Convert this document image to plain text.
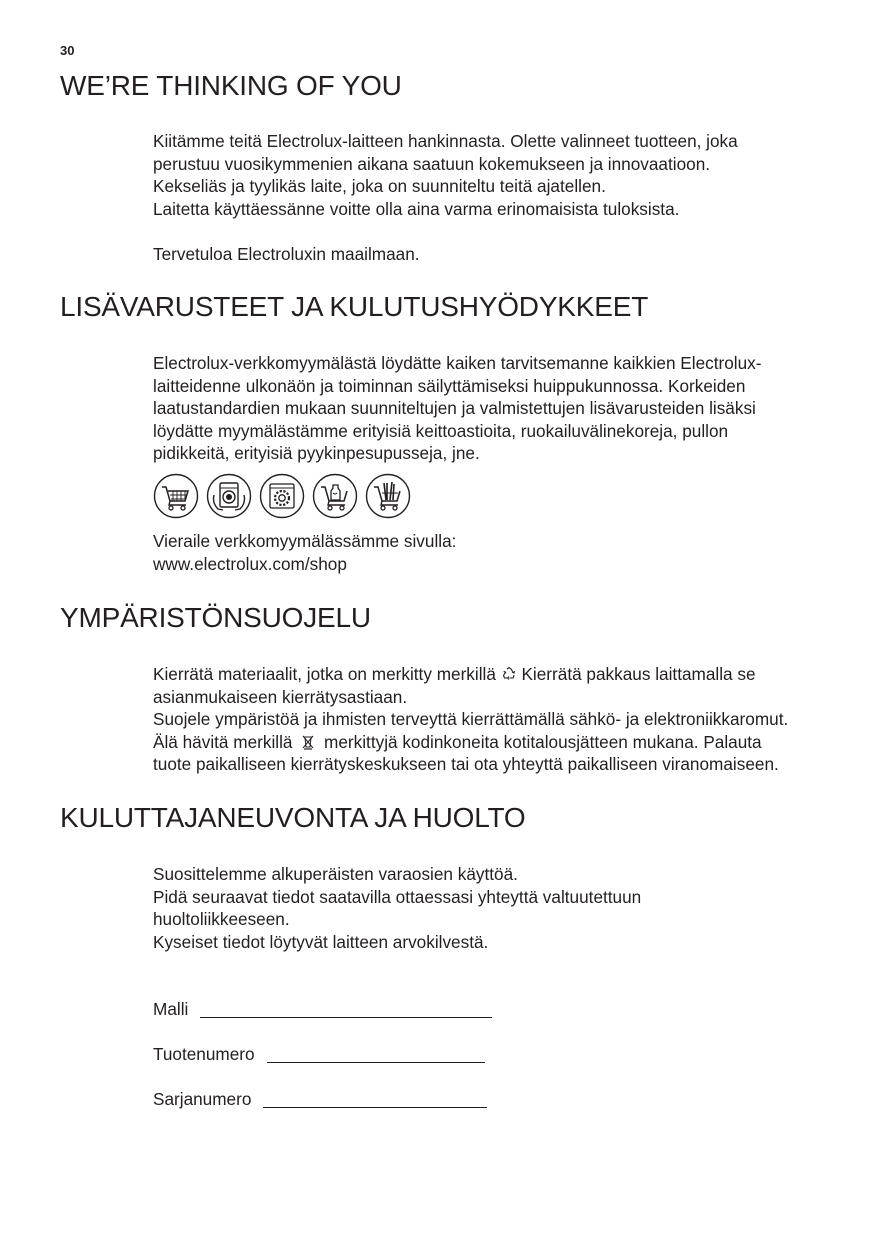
30
WE’RE THINKING OF YOU

Kiitämme teitä Electrolux-laitteen hankinnasta. Olette valinneet tuotteen, joka
perustuu vuosikymmenien aikana saatuun kokemukseen ja innovaatioon.
Kekseliäs ja tyylikäs laite, joka on suunniteltu teitä ajatellen.
Laitetta käyttäessänne voitte olla aina varma erinomaisista tuloksista.

Tervetuloa Electroluxin maailmaan.

LISÄVARUSTEET JA KULUTUSHYÖDYKKEET

Electrolux-verkkomyymälästä löydätte kaiken tarvitsemanne kaikkien Electrolux-
laitteidenne ulkonäön ja toiminnan säilyttämiseksi huippukunnossa. Korkeiden
laatustandardien mukaan suunniteltujen ja valmistettujen lisävarusteiden lisäksi
löydätte myymälästämme erityisiä keittoastioita, ruokailuvälinekoreja, pullon
pidikkeitä, erityisiä pyykinpesupusseja, jne.

Vieraile verkkomyymälässämme sivulla:
www.electrolux.com/shop

YMPÄRISTÖNSUOJELU

Kierrätä materiaalit, jotka on merkitty merkillä Kierrätä pakkaus laittamalla se
asianmukaiseen kierrätysastiaan.
Suojele ympäristöä ja ihmisten terveyttä kierrättämällä sähkö- ja elektroniikkaromut.
Älä hävitä merkillä merkittyjä kodinkoneita kotitalousjätteen mukana. Palauta
tuote paikalliseen kierrätyskeskukseen tai ota yhteyttä paikalliseen viranomaiseen.

KULUTTAJANEUVONTA JA HUOLTO

Suosittelemme alkuperäisten varaosien käyttöä.
Pidä seuraavat tiedot saatavilla ottaessasi yhteyttä valtuutettuun
huoltoliikkeeseen.
Kyseiset tiedot löytyvät laitteen arvokilvestä.

Malli
Tuotenumero
Sarjanumero
